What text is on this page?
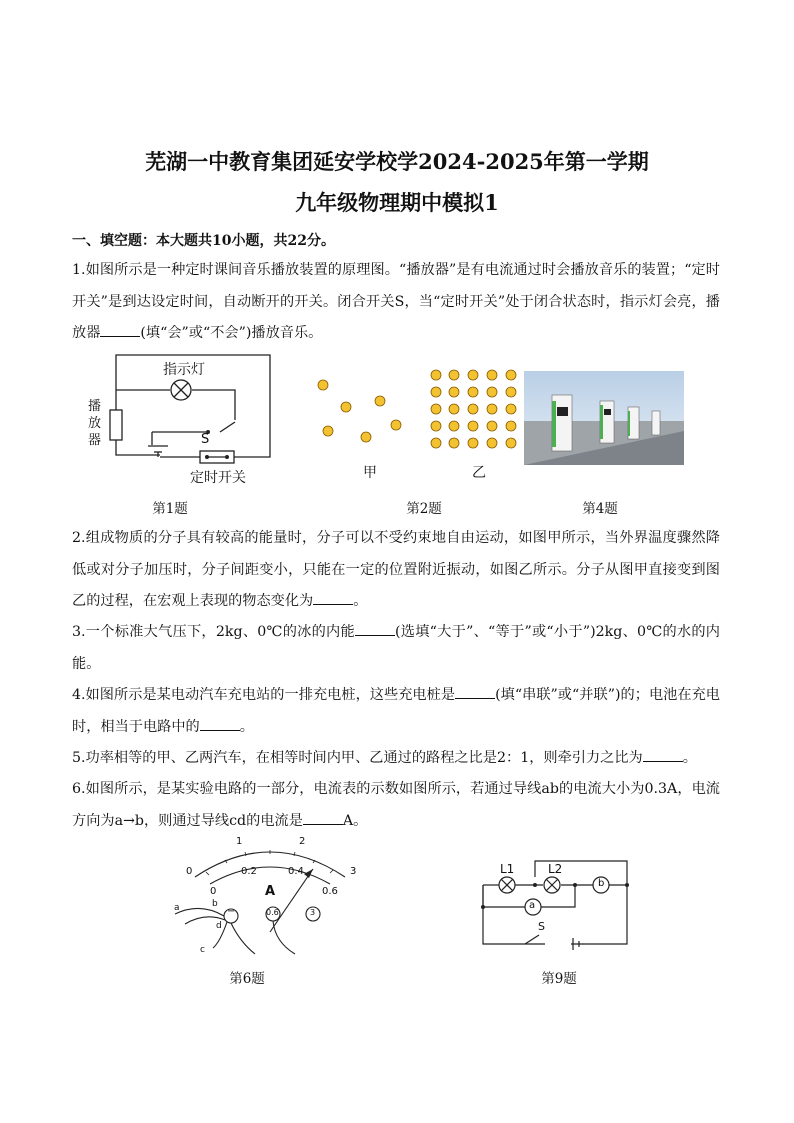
芜湖一中教育集团延安学校学2024-2025年第一学期
九年级物理期中模拟1
一、填空题：本大题共10小题，共22分。
1.如图所示是一种定时课间音乐播放装置的原理图。“播放器”是有电流通过时会播放音乐的装置；“定时开关”是到达设定时间，自动断开的开关。闭合开关S，当“定时开关”处于闭合状态时，指示灯会亮，播放器	(填“会”或“不会”)播放音乐。
指示灯
播放器	S
定时开关	甲	乙
第1题	第2题	第4题
2.组成物质的分子具有较高的能量时，分子可以不受约束地自由运动，如图甲所示，当外界温度骤然降低或对分子加压时，分子间距变小，只能在一定的位置附近振动，如图乙所示。分子从图甲直接变到图乙的过程，在宏观上表现的物态变化为	。
3.一个标准大气压下，2kg、0℃的冰的内能	(选填“大于”、“等于”或“小于”)2kg、0℃的水的内能。
4.如图所示是某电动汽车充电站的一排充电桩，这些充电桩是	(填“串联”或“并联”)的；电池在充电时，相当于电路中的	。
5.功率相等的甲、乙两汽车，在相等时间内甲、乙通过的路程之比是2：1，则牵引力之比为	。
6.如图所示，是某实验电路的一部分，电流表的示数如图所示，若通过导线ab的电流大小为0.3A，电流方向为a→b，则通过导线cd的电流是	A。
0
1	2
3
0
0.2	0.4
0.6
A
−	0.6	3
a	b
d
c
L1	L2
a
b
S
第6题	第9题
